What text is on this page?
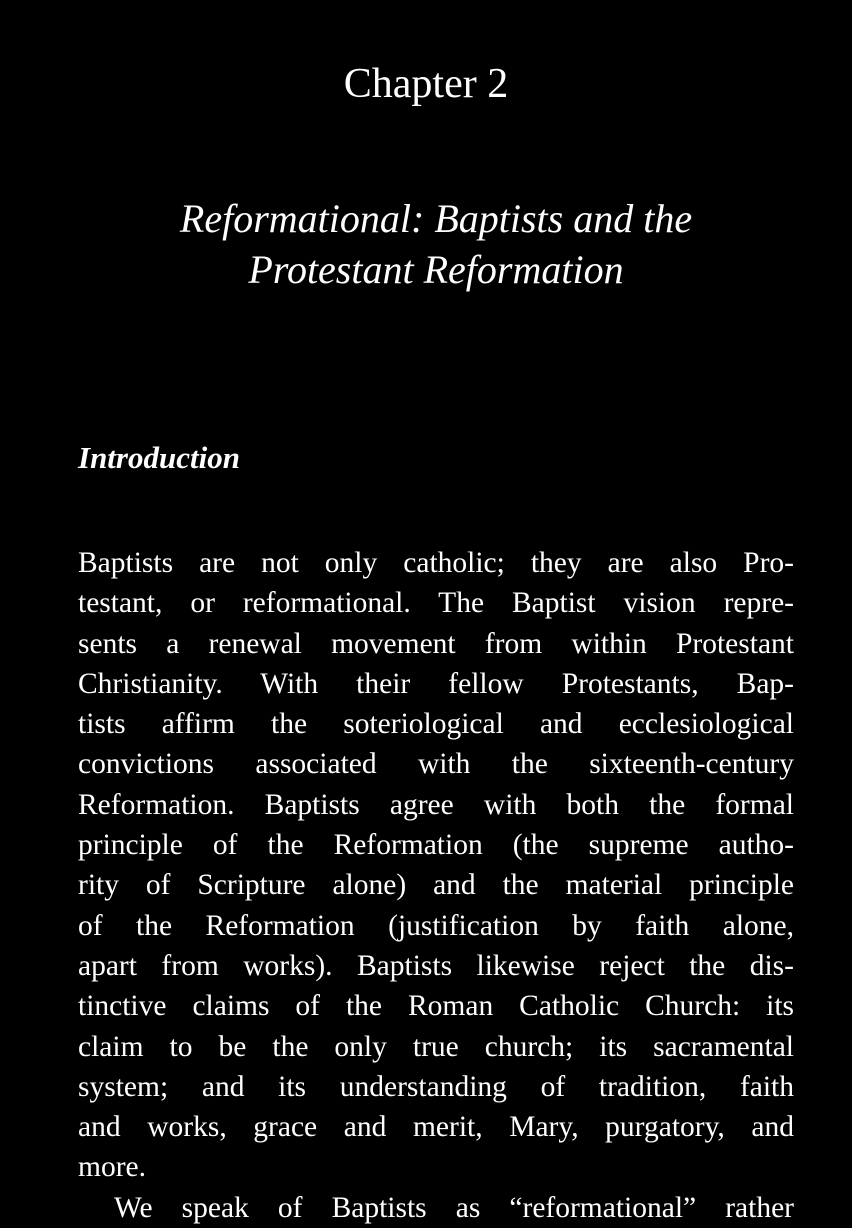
Chapter 2
Reformational: Baptists and the
Protestant Reformation
Introduction
Baptists are not only catholic; they are also Pro-
testant, or reformational. The Baptist vision repre-
sents a renewal movement from within Protestant
Christianity. With their fellow Protestants, Bap-
tists affirm the soteriological and ecclesiological
convictions associated with the sixteenth-century
Reformation. Baptists agree with both the formal
principle of the Reformation (the supreme autho-
rity of Scripture alone) and the material principle
of the Reformation (justification by faith alone,
apart from works). Baptists likewise reject the dis-
tinctive claims of the Roman Catholic Church: its
claim to be the only true church; its sacramental
system; and its understanding of tradition, faith
and works, grace and merit, Mary, purgatory, and
more.
We speak of Baptists as “reformational” rather
